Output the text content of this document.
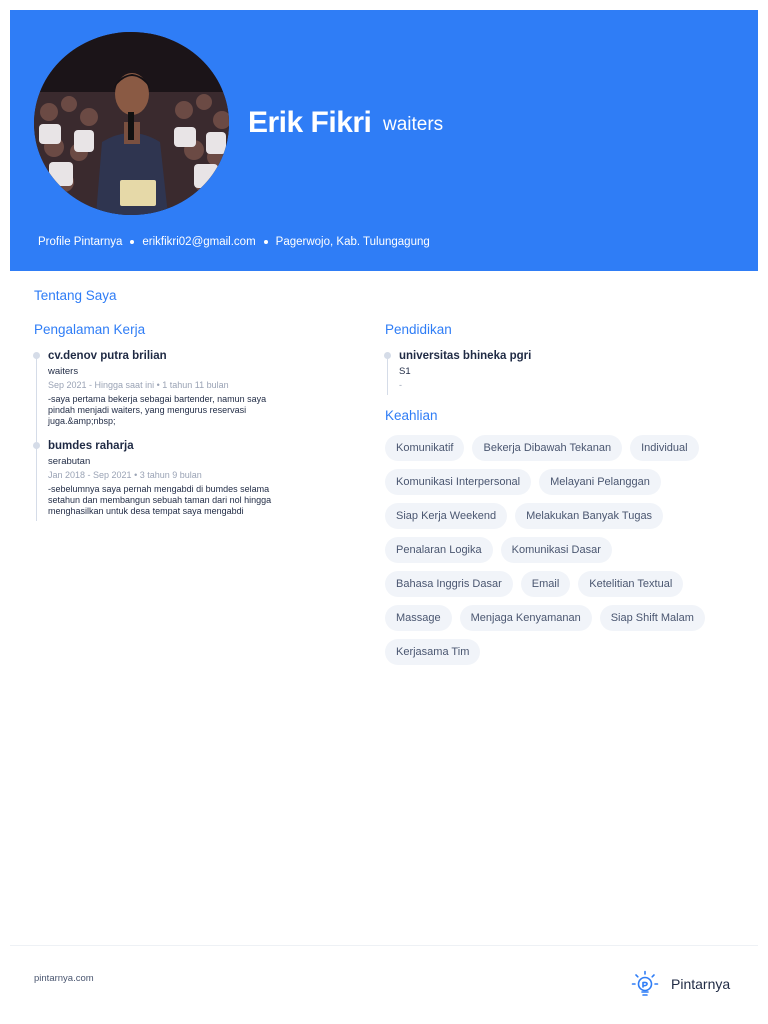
Erik Fikri waiters
Profile Pintarnya erikfikri02@gmail.com Pagerwojo, Kab. Tulungagung
Tentang Saya
Pengalaman Kerja
cv.denov putra brilian
waiters
Sep 2021 - Hingga saat ini • 1 tahun 11 bulan
-saya pertama bekerja sebagai bartender, namun saya
pindah menjadi waiters, yang mengurus reservasi
juga.&amp;nbsp;
bumdes raharja
serabutan
Jan 2018 - Sep 2021 • 3 tahun 9 bulan
-sebelumnya saya pernah mengabdi di bumdes selama
setahun dan membangun sebuah taman dari nol hingga
menghasilkan untuk desa tempat saya mengabdi
Pendidikan
universitas bhineka pgri
S1
-
Keahlian
Komunikatif	Bekerja Dibawah Tekanan	Individual
Komunikasi Interpersonal	Melayani Pelanggan
Siap Kerja Weekend	Melakukan Banyak Tugas
Penalaran Logika	Komunikasi Dasar
Bahasa Inggris Dasar	Email	Ketelitian Textual
Massage	Menjaga Kenyamanan	Siap Shift Malam
Kerjasama Tim
pintarnya.com	Pintarnya
